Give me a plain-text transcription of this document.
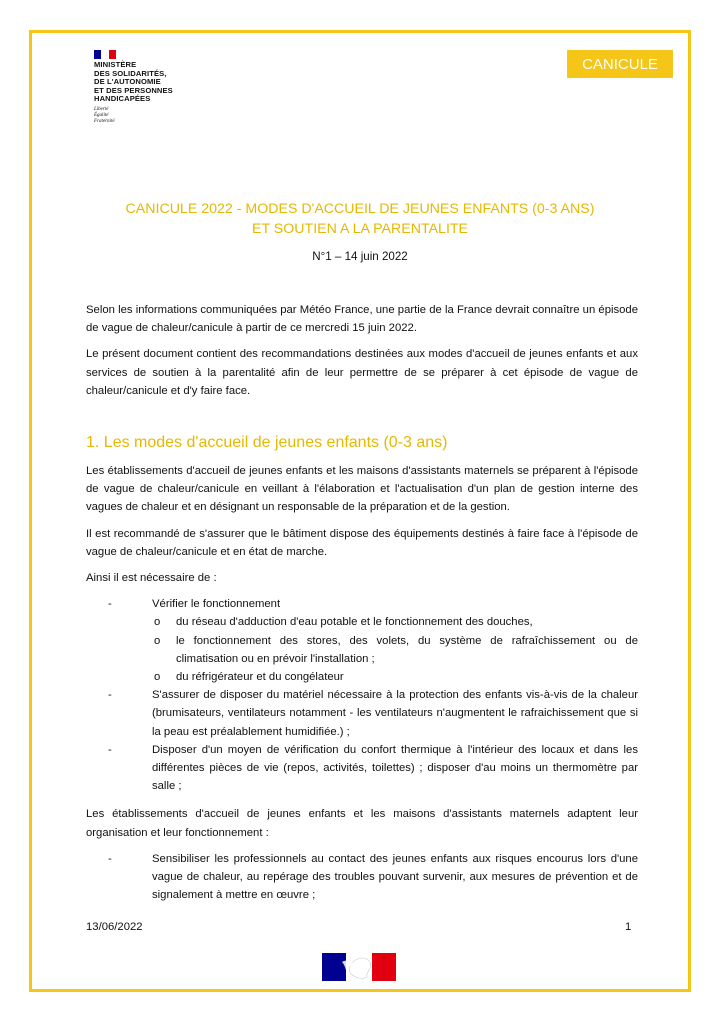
MINISTÈRE
DES SOLIDARITÉS,
DE L'AUTONOMIE
ET DES PERSONNES
HANDICAPÉES
Liberté
Égalité
Fraternité
CANICULE
CANICULE 2022 - MODES D'ACCUEIL DE JEUNES ENFANTS (0-3 ANS)
ET SOUTIEN A LA PARENTALITE
N°1 – 14 juin 2022

Selon les informations communiquées par Météo France, une partie de la France devrait connaître un épisode de vague de chaleur/canicule à partir de ce mercredi 15 juin 2022.

Le présent document contient des recommandations destinées aux modes d'accueil de jeunes enfants et aux services de soutien à la parentalité afin de leur permettre de se préparer à cet épisode de vague de chaleur/canicule et d'y faire face.

1. Les modes d'accueil de jeunes enfants (0-3 ans)

Les établissements d'accueil de jeunes enfants et les maisons d'assistants maternels se préparent à l'épisode de vague de chaleur/canicule en veillant à l'élaboration et l'actualisation d'un plan de gestion interne des vagues de chaleur et en désignant un responsable de la préparation et de la gestion.

Il est recommandé de s'assurer que le bâtiment dispose des équipements destinés à faire face à l'épisode de vague de chaleur/canicule et en état de marche.

Ainsi il est nécessaire de :

-	Vérifier le fonctionnement
o du réseau d'adduction d'eau potable et le fonctionnement des douches,
o le fonctionnement des stores, des volets, du système de rafraîchissement ou de climatisation ou en prévoir l'installation ;
o du réfrigérateur et du congélateur
-	S'assurer de disposer du matériel nécessaire à la protection des enfants vis-à-vis de la chaleur (brumisateurs, ventilateurs notamment - les ventilateurs n'augmentent le rafraichissement que si la peau est préalablement humidifiée.) ;
-	Disposer d'un moyen de vérification du confort thermique à l'intérieur des locaux et dans les différentes pièces de vie (repos, activités, toilettes) ; disposer d'au moins un thermomètre par salle ;

Les établissements d'accueil de jeunes enfants et les maisons d'assistants maternels adaptent leur organisation et leur fonctionnement :

-	Sensibiliser les professionnels au contact des jeunes enfants aux risques encourus lors d'une vague de chaleur, au repérage des troubles pouvant survenir, aux mesures de prévention et de signalement à mettre en œuvre ;
13/06/2022	1
